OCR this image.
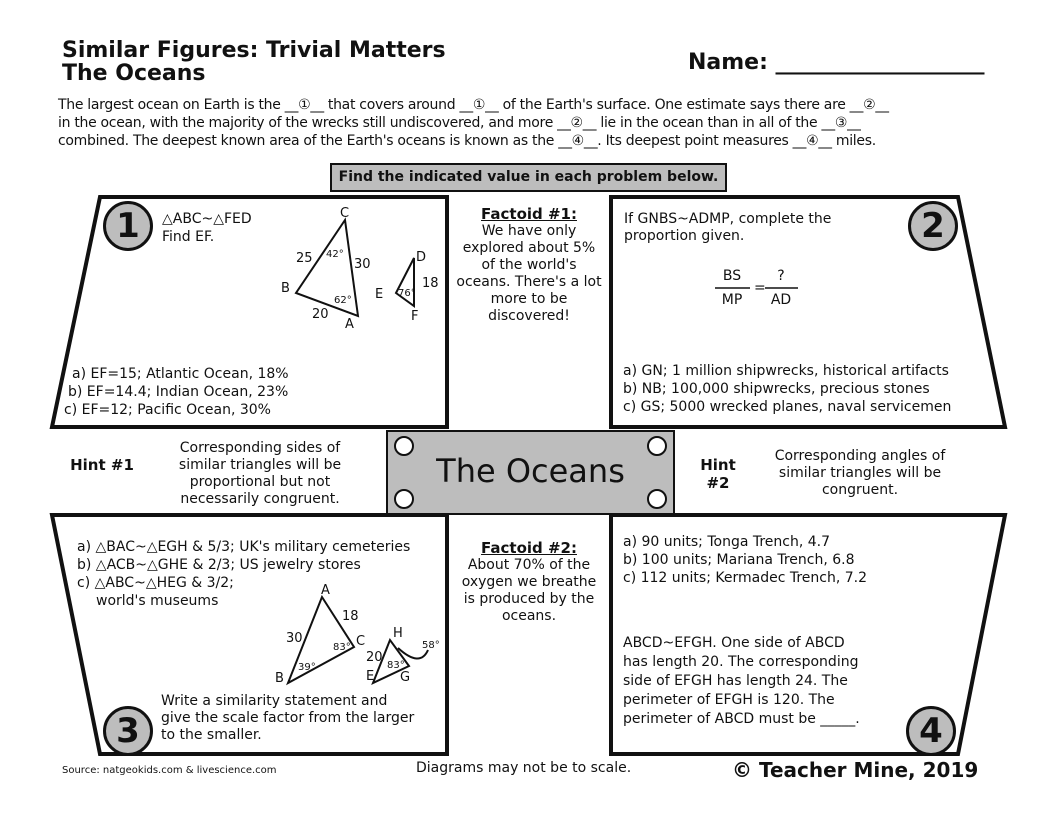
C
B
A
25	30
20
42°
62°
D
E
F
18
76°
A
B
C
18
30
83°
39°
H
E G
20
83°
58°
Similar Figures: Trivial Matters
The Oceans	Name: ___________________
The largest ocean on Earth is the __①__ that covers around __①__ of the Earth's surface. One estimate says there are __②__
in the ocean, with the majority of the wrecks still undiscovered, and more __②__ lie in the ocean than in all of the __③__
combined. The deepest known area of the Earth's oceans is known as the __④__. Its deepest point measures __④__ miles.
Find the indicated value in each problem below.
1	△ABC~△FED
Find EF.
a) EF=15; Atlantic Ocean, 18%
b) EF=14.4; Indian Ocean, 23%
c) EF=12; Pacific Ocean, 30%
Factoid #1:
We have only explored about 5% of the world's oceans. There's a lot more to be discovered!
2
If GNBS~ADMP, complete the proportion given.
BS
MP
=
?
AD
a) GN; 1 million shipwrecks, historical artifacts
b) NB; 100,000 shipwrecks, precious stones
c) GS; 5000 wrecked planes, naval servicemen
Hint #1
Corresponding sides of similar triangles will be proportional but not necessarily congruent.
The Oceans	Hint #2
Corresponding angles of similar triangles will be congruent.
a) △BAC~△EGH & 5/3; UK's military cemeteries
b) △ACB~△GHE & 2/3; US jewelry stores
c) △ABC~△HEG & 3/2;
world's museums
Write a similarity statement and give the scale factor from the larger to the smaller.
3
Factoid #2:
About 70% of the oxygen we breathe is produced by the oceans.
a) 90 units; Tonga Trench, 4.7
b) 100 units; Mariana Trench, 6.8
c) 112 units; Kermadec Trench, 7.2
ABCD~EFGH. One side of ABCD has length 20. The corresponding side of EFGH has length 24. The perimeter of EFGH is 120. The perimeter of ABCD must be _____.	4
Source: natgeokids.com & livescience.com	Diagrams may not be to scale.	© Teacher Mine, 2019
